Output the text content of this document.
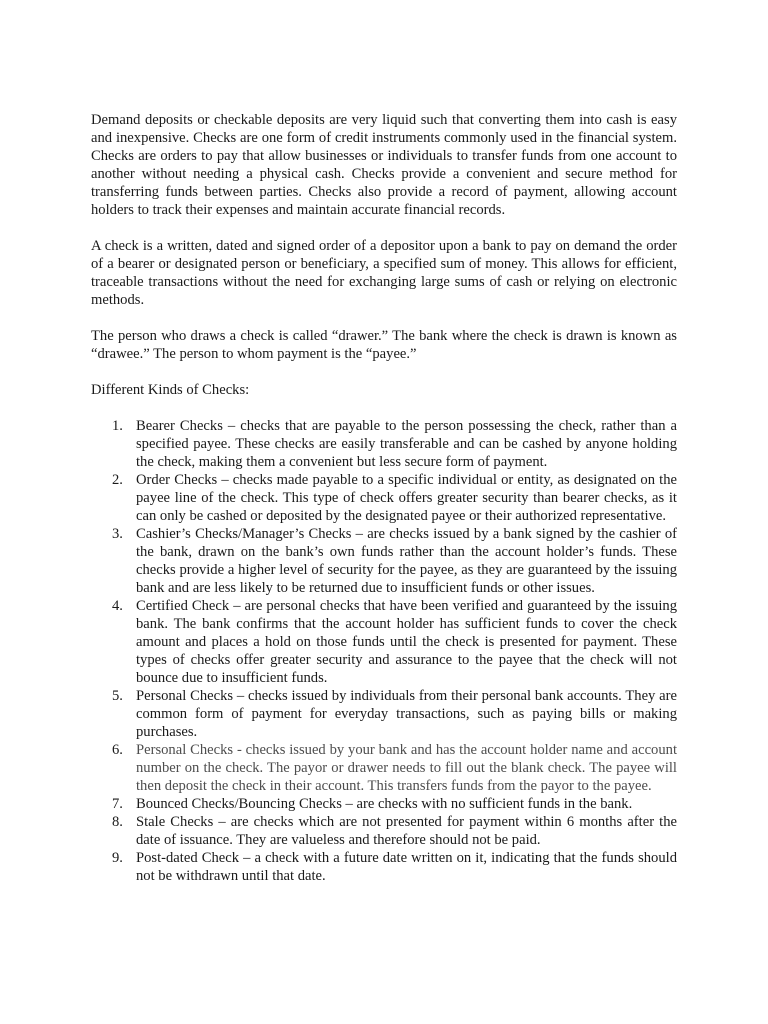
Demand deposits or checkable deposits are very liquid such that converting them into cash is easy and inexpensive. Checks are one form of credit instruments commonly used in the financial system. Checks are orders to pay that allow businesses or individuals to transfer funds from one account to another without needing a physical cash. Checks provide a convenient and secure method for transferring funds between parties. Checks also provide a record of payment, allowing account holders to track their expenses and maintain accurate financial records.

A check is a written, dated and signed order of a depositor upon a bank to pay on demand the order of a bearer or designated person or beneficiary, a specified sum of money. This allows for efficient, traceable transactions without the need for exchanging large sums of cash or relying on electronic methods.

The person who draws a check is called “drawer.” The bank where the check is drawn is known as “drawee.” The person to whom payment is the “payee.”

Different Kinds of Checks:

1. Bearer Checks – checks that are payable to the person possessing the check, rather than a specified payee. These checks are easily transferable and can be cashed by anyone holding the check, making them a convenient but less secure form of payment.
2. Order Checks – checks made payable to a specific individual or entity, as designated on the payee line of the check. This type of check offers greater security than bearer checks, as it can only be cashed or deposited by the designated payee or their authorized representative.
3. Cashier’s Checks/Manager’s Checks – are checks issued by a bank signed by the cashier of the bank, drawn on the bank’s own funds rather than the account holder’s funds. These checks provide a higher level of security for the payee, as they are guaranteed by the issuing bank and are less likely to be returned due to insufficient funds or other issues.
4. Certified Check – are personal checks that have been verified and guaranteed by the issuing bank. The bank confirms that the account holder has sufficient funds to cover the check amount and places a hold on those funds until the check is presented for payment. These types of checks offer greater security and assurance to the payee that the check will not bounce due to insufficient funds.
5. Personal Checks – checks issued by individuals from their personal bank accounts. They are common form of payment for everyday transactions, such as paying bills or making purchases.
6. Personal Checks - checks issued by your bank and has the account holder name and account number on the check. The payor or drawer needs to fill out the blank check. The payee will then deposit the check in their account. This transfers funds from the payor to the payee.
7. Bounced Checks/Bouncing Checks – are checks with no sufficient funds in the bank.
8. Stale Checks – are checks which are not presented for payment within 6 months after the date of issuance. They are valueless and therefore should not be paid.
9. Post-dated Check – a check with a future date written on it, indicating that the funds should not be withdrawn until that date.
